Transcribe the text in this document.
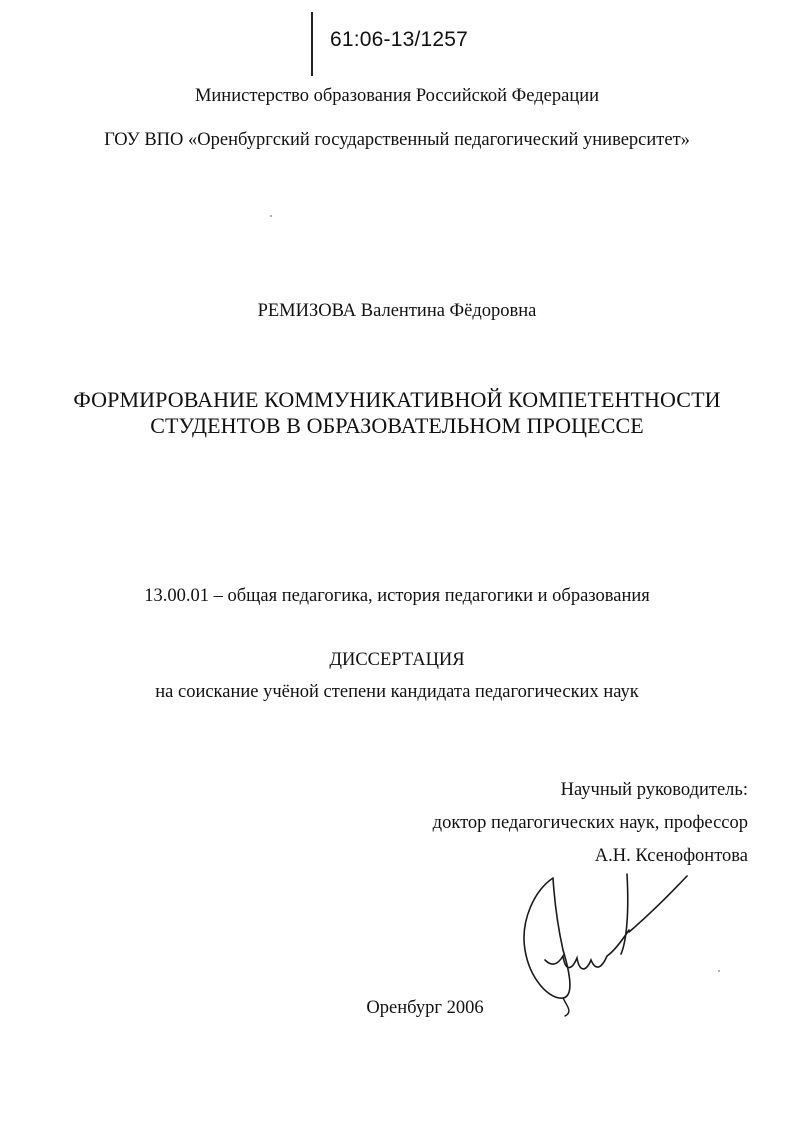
61:06-13/1257
Министерство образования Российской Федерации
ГОУ ВПО «Оренбургский государственный педагогический университет»
РЕМИЗОВА Валентина Фёдоровна
ФОРМИРОВАНИЕ КОММУНИКАТИВНОЙ КОМПЕТЕНТНОСТИ
СТУДЕНТОВ В ОБРАЗОВАТЕЛЬНОМ ПРОЦЕССЕ
13.00.01 – общая педагогика, история педагогики и образования
ДИССЕРТАЦИЯ
на соискание учёной степени кандидата педагогических наук
Научный руководитель:
доктор педагогических наук, профессор
А.Н. Ксенофонтова
Оренбург 2006
